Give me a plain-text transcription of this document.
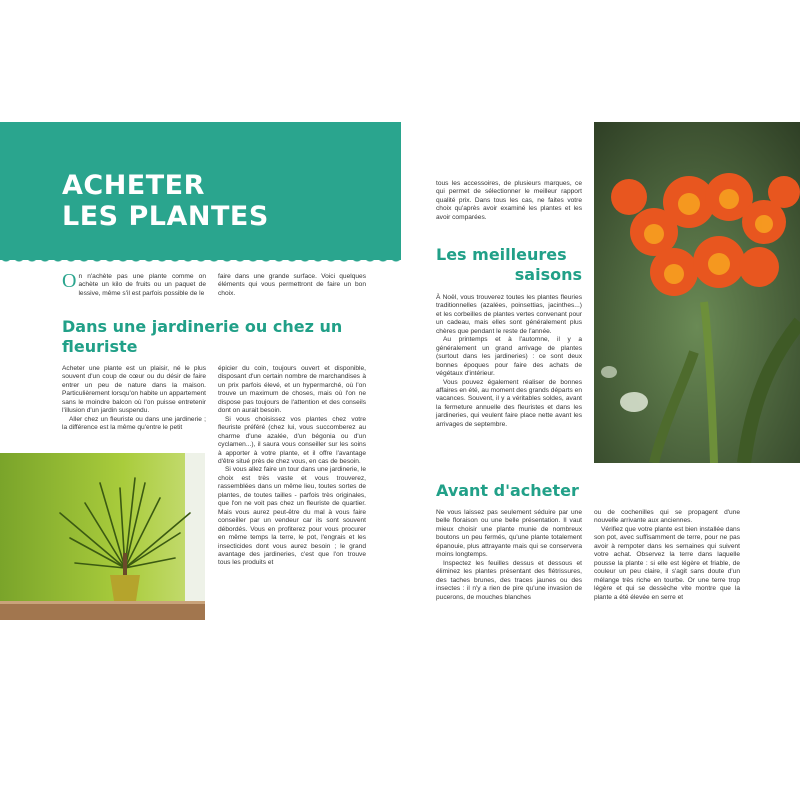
ACHETER
LES PLANTES

On n'achète pas une plante comme on achète un kilo de fruits ou un paquet de lessive, même s'il est parfois possible de le

faire dans une grande surface. Voici quelques éléments qui vous permettront de faire un bon choix.

Dans une jardinerie ou chez un fleuriste

Acheter une plante est un plaisir, né le plus souvent d'un coup de cœur ou du désir de faire entrer un peu de nature dans la maison. Particulièrement lorsqu'on habite un appartement sans le moindre balcon où l'on puisse entretenir l'illusion d'un jardin suspendu.

Aller chez un fleuriste ou dans une jardinerie ; la différence est la même qu'entre le petit

épicier du coin, toujours ouvert et disponible, disposant d'un certain nombre de marchandises à un prix parfois élevé, et un hypermarché, où l'on trouve un maximum de choses, mais où l'on ne dispose pas toujours de l'attention et des conseils dont on aurait besoin.

Si vous choisissez vos plantes chez votre fleuriste préféré (chez lui, vous succomberez au charme d'une azalée, d'un bégonia ou d'un cyclamen...), il saura vous conseiller sur les soins à apporter à votre plante, et il offre l'avantage d'être situé près de chez vous, en cas de besoin.

Si vous allez faire un tour dans une jardinerie, le choix est très vaste et vous trouverez, rassemblées dans un même lieu, toutes sortes de plantes, de toutes tailles - parfois très originales, que l'on ne voit pas chez un fleuriste de quartier. Mais vous aurez peut-être du mal à vous faire conseiller par un vendeur car ils sont souvent débordés. Vous en profiterez pour vous procurer en même temps la terre, le pot, l'engrais et les insecticides dont vous aurez besoin ; le grand avantage des jardineries, c'est que l'on trouve tous les produits et

tous les accessoires, de plusieurs marques, ce qui permet de sélectionner le meilleur rapport qualité prix. Dans tous les cas, ne faites votre choix qu'après avoir examiné les plantes et les avoir comparées.

Les meilleures
saisons

À Noël, vous trouverez toutes les plantes fleuries traditionnelles (azalées, poinsettias, jacinthes...) et les corbeilles de plantes vertes convenant pour un cadeau, mais elles sont généralement plus chères que pendant le reste de l'année.

Au printemps et à l'automne, il y a généralement un grand arrivage de plantes (surtout dans les jardineries) : ce sont deux bonnes époques pour faire des achats de végétaux d'intérieur.

Vous pouvez également réaliser de bonnes affaires en été, au moment des grands départs en vacances. Souvent, il y a véritables soldes, avant la fermeture annuelle des fleuristes et dans les jardineries, qui veulent faire place nette avant les arrivages de septembre.

Avant d'acheter

Ne vous laissez pas seulement séduire par une belle floraison ou une belle présentation. Il vaut mieux choisir une plante munie de nombreux boutons un peu fermés, qu'une plante totalement épanouie, plus attrayante mais qui se conservera moins longtemps.

Inspectez les feuilles dessus et dessous et éliminez les plantes présentant des flétrissures, des taches brunes, des traces jaunes ou des insectes : il n'y a rien de pire qu'une invasion de pucerons, de mouches blanches

ou de cochenilles qui se propagent d'une nouvelle arrivante aux anciennes.

Vérifiez que votre plante est bien installée dans son pot, avec suffisamment de terre, pour ne pas avoir à rempoter dans les semaines qui suivent votre achat. Observez la terre dans laquelle pousse la plante : si elle est légère et friable, de couleur un peu claire, il s'agit sans doute d'un mélange très riche en tourbe. Or une terre trop légère et qui se dessèche vite montre que la plante a été élevée en serre et
